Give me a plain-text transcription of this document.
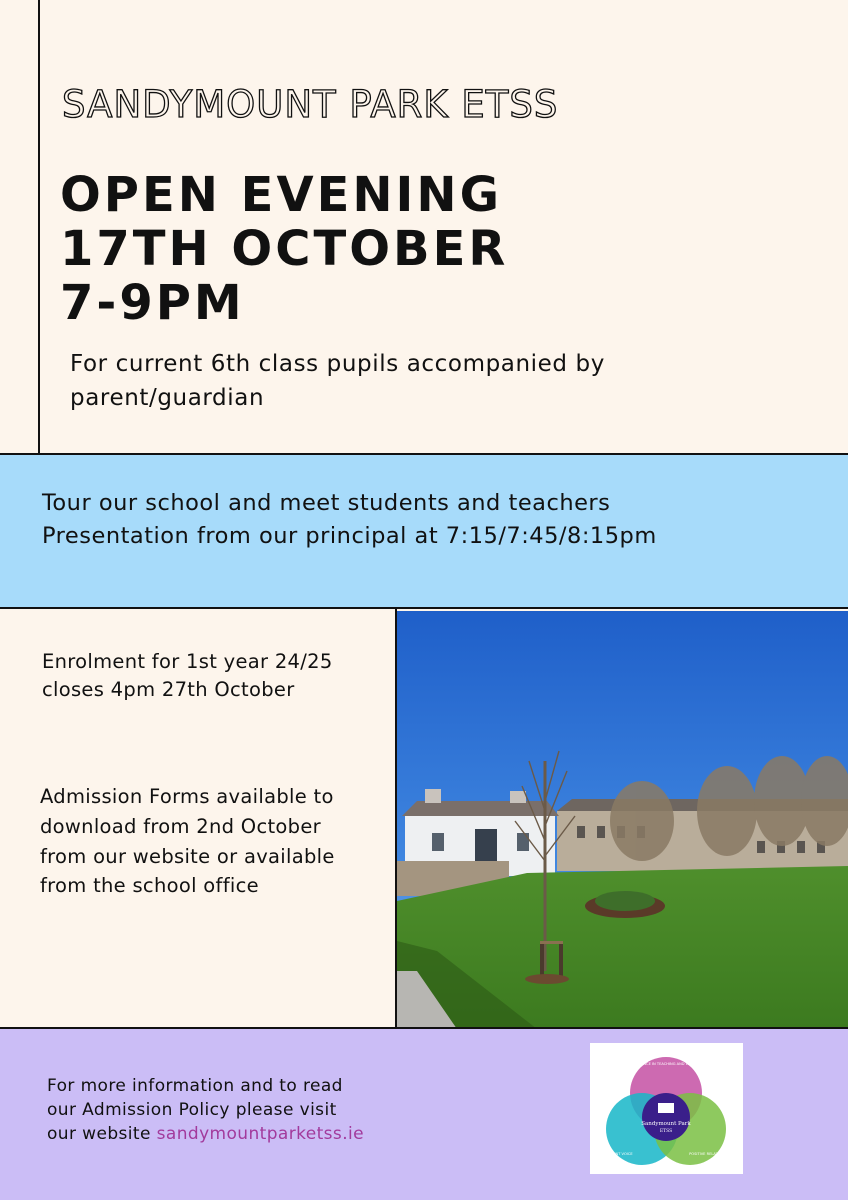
SANDYMOUNT PARK ETSS
OPEN EVENING
17TH OCTOBER
7-9PM
For current 6th class pupils accompanied by parent/guardian
Tour our school and meet students and teachers
Presentation from our principal at 7:15/7:45/8:15pm
Enrolment for 1st year 24/25 closes 4pm 27th October
Admission Forms available to download from 2nd October from our website or available from the school office
For more information and to read
our Admission Policy please visit
our website sandymountparketss.ie	Sandymount Park
ETSS
EXCELLENCE IN TEACHING AND LEARNING
STUDENT VOICE	POSITIVE RELATIONSHIPS
